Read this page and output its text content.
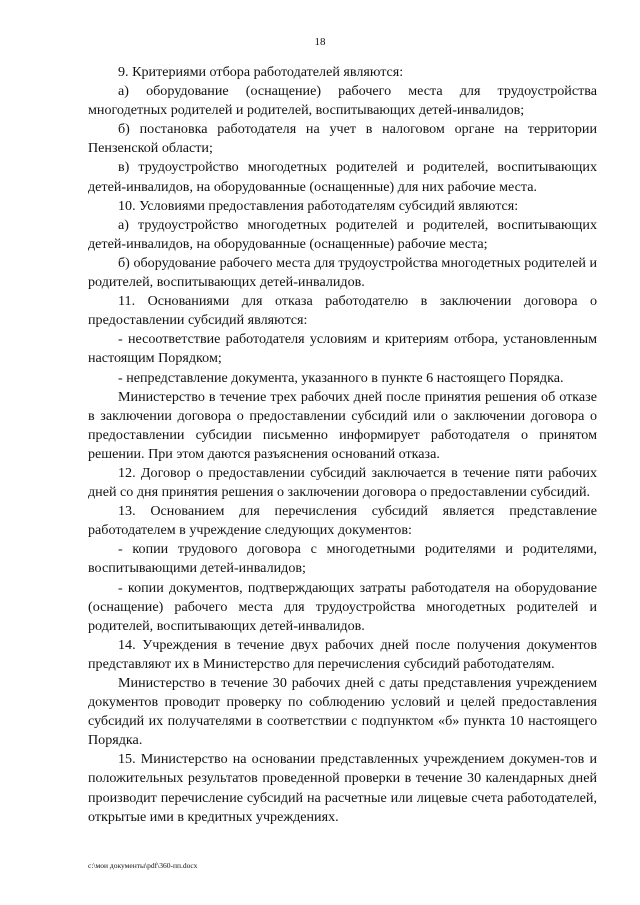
18

9. Критериями отбора работодателей являются:

а) оборудование (оснащение) рабочего места для трудоустройства многодетных родителей и родителей, воспитывающих детей-инвалидов;

б) постановка работодателя на учет в налоговом органе на территории Пензенской области;

в) трудоустройство многодетных родителей и родителей, воспитывающих детей-инвалидов, на оборудованные (оснащенные) для них рабочие места.

10. Условиями предоставления работодателям субсидий являются:

а) трудоустройство многодетных родителей и родителей, воспитывающих детей-инвалидов, на оборудованные (оснащенные) рабочие места;

б) оборудование рабочего места для трудоустройства многодетных родителей и родителей, воспитывающих детей-инвалидов.

11. Основаниями для отказа работодателю в заключении договора о предоставлении субсидий являются:

- несоответствие работодателя условиям и критериям отбора, установленным настоящим Порядком;

- непредставление документа, указанного в пункте 6 настоящего Порядка.

Министерство в течение трех рабочих дней после принятия решения об отказе в заключении договора о предоставлении субсидий или о заключении договора о предоставлении субсидии письменно информирует работодателя о принятом решении. При этом даются разъяснения оснований отказа.

12. Договор о предоставлении субсидий заключается в течение пяти рабочих дней со дня принятия решения о заключении договора о предоставлении субсидий.

13. Основанием для перечисления субсидий является представление работодателем в учреждение следующих документов:

- копии трудового договора с многодетными родителями и родителями, воспитывающими детей-инвалидов;

- копии документов, подтверждающих затраты работодателя на оборудование (оснащение) рабочего места для трудоустройства многодетных родителей и родителей, воспитывающих детей-инвалидов.

14. Учреждения в течение двух рабочих дней после получения документов представляют их в Министерство для перечисления субсидий работодателям.

Министерство в течение 30 рабочих дней с даты представления учреждением документов проводит проверку по соблюдению условий и целей предоставления субсидий их получателями в соответствии с подпунктом «б» пункта 10 настоящего Порядка.

15. Министерство на основании представленных учреждением докумен-тов и положительных результатов проведенной проверки в течение 30 календарных дней производит перечисление субсидий на расчетные или лицевые счета работодателей, открытые ими в кредитных учреждениях.

c:\мои документы\pdf\360-пп.docx
